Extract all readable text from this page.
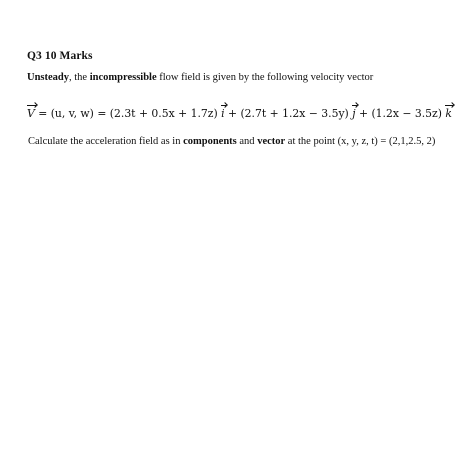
Q3 10 Marks
Unsteady, the incompressible flow field is given by the following velocity vector
V = (u, v, w) = (2.3t + 0.5x + 1.7z) i + (2.7t + 1.2x − 3.5y) j + (1.2x − 3.5z) k
Calculate the acceleration field as in components and vector at the point (x, y, z, t) = (2,1,2.5, 2)
